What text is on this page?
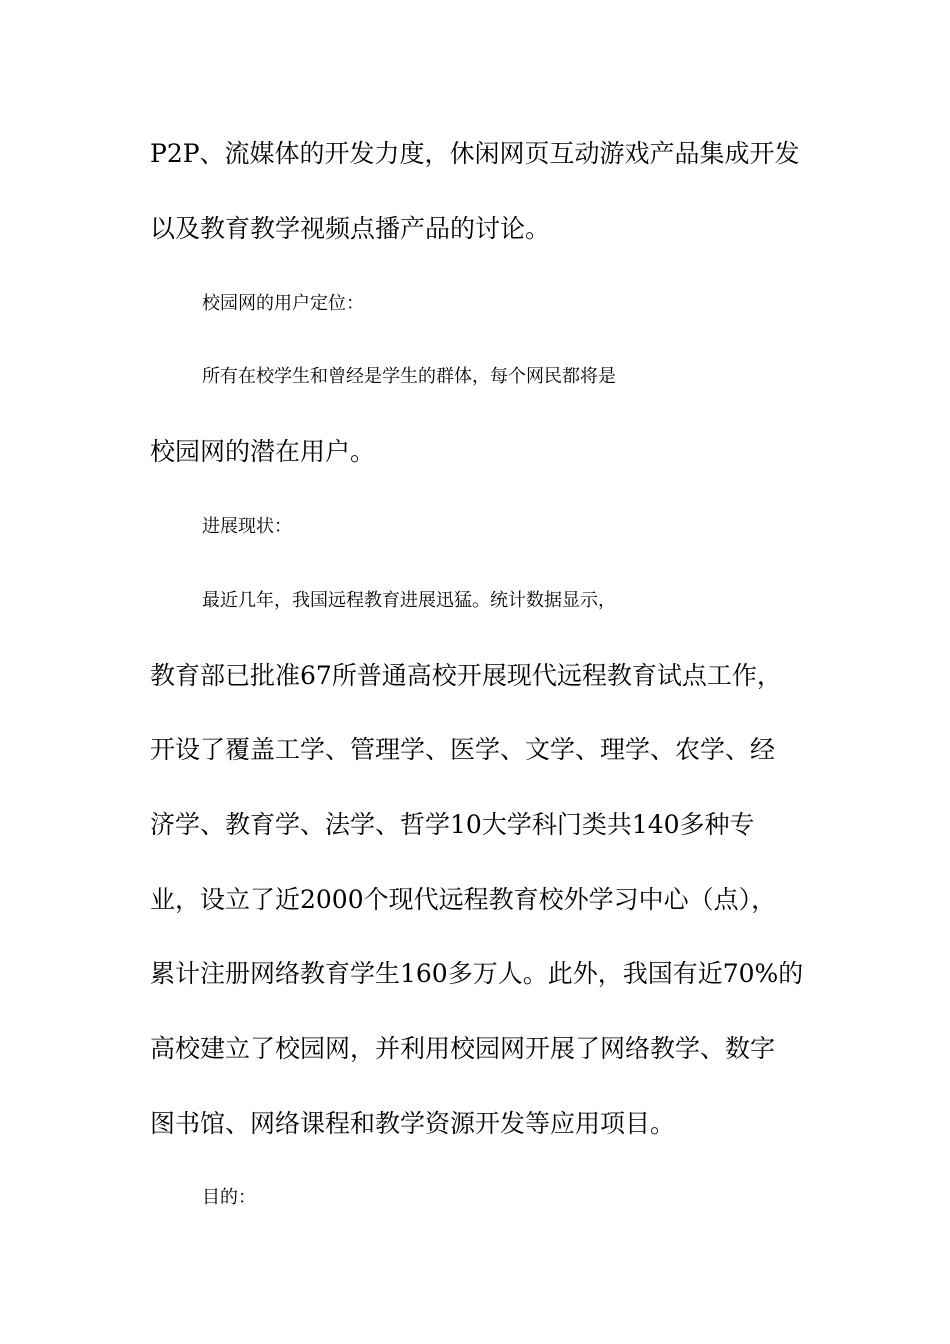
P2P、流媒体的开发力度，休闲网页互动游戏产品集成开发
以及教育教学视频点播产品的讨论。
校园网的用户定位：
所有在校学生和曾经是学生的群体，每个网民都将是
校园网的潜在用户。
进展现状：
最近几年，我国远程教育进展迅猛。统计数据显示，
教育部已批准67所普通高校开展现代远程教育试点工作，
开设了覆盖工学、管理学、医学、文学、理学、农学、经
济学、教育学、法学、哲学10大学科门类共140多种专
业，设立了近2000个现代远程教育校外学习中心（点），
累计注册网络教育学生160多万人。此外，我国有近70%的
高校建立了校园网，并利用校园网开展了网络教学、数字
图书馆、网络课程和教学资源开发等应用项目。
目的：
